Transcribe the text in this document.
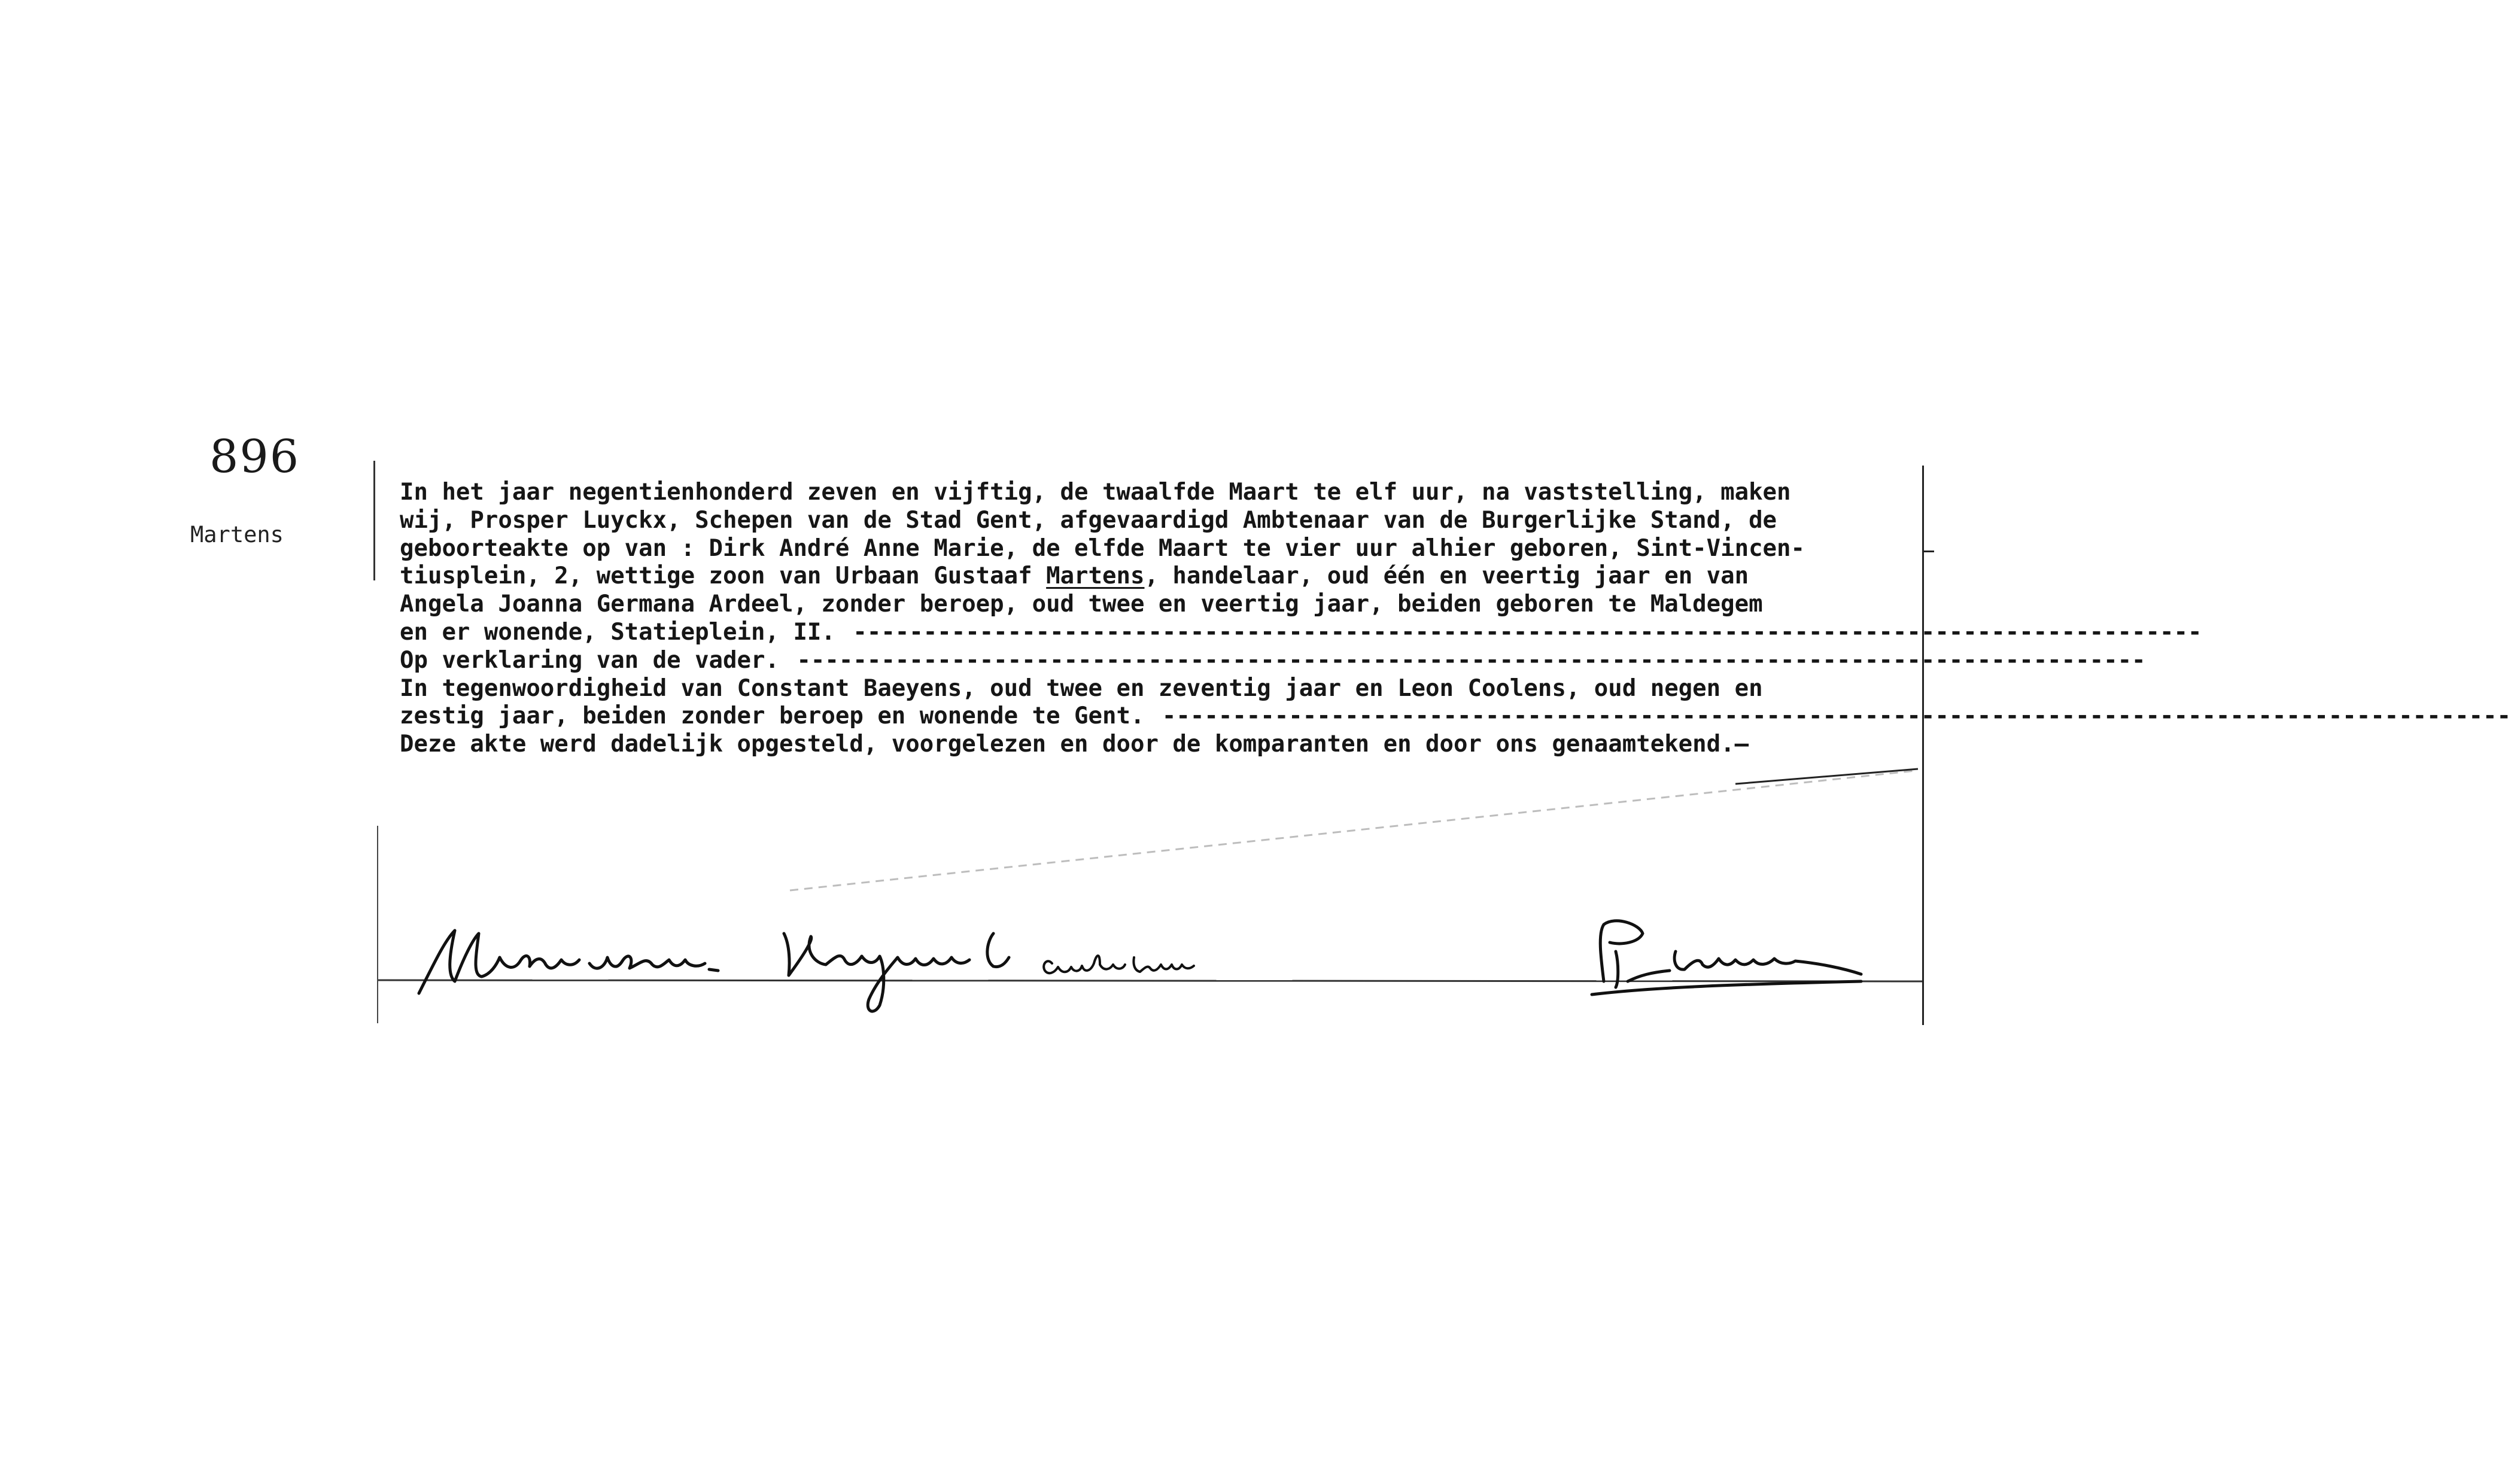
896
Martens
In het jaar negentienhonderd zeven en vijftig, de twaalfde Maart te elf uur, na vaststelling, maken
wij, Prosper Luyckx, Schepen van de Stad Gent, afgevaardigd Ambtenaar van de Burgerlijke Stand, de
geboorteakte op van : Dirk André Anne Marie, de elfde Maart te vier uur alhier geboren, Sint-Vincen-
tiusplein, 2, wettige zoon van Urbaan Gustaaf Martens , handelaar, oud één en veertig jaar en van
Angela Joanna Germana Ardeel, zonder beroep, oud twee en veertig jaar, beiden geboren te Maldegem
en er wonende, Statieplein, II. ------------------------------------------------------------------------------------------------
Op verklaring van de vader. ------------------------------------------------------------------------------------------------
In tegenwoordigheid van Constant Baeyens, oud twee en zeventig jaar en Leon Coolens, oud negen en
zestig jaar, beiden zonder beroep en wonende te Gent. ------------------------------------------------------------------------------------------------
Deze akte werd dadelijk opgesteld, voorgelezen en door de komparanten en door ons genaamtekend. —
